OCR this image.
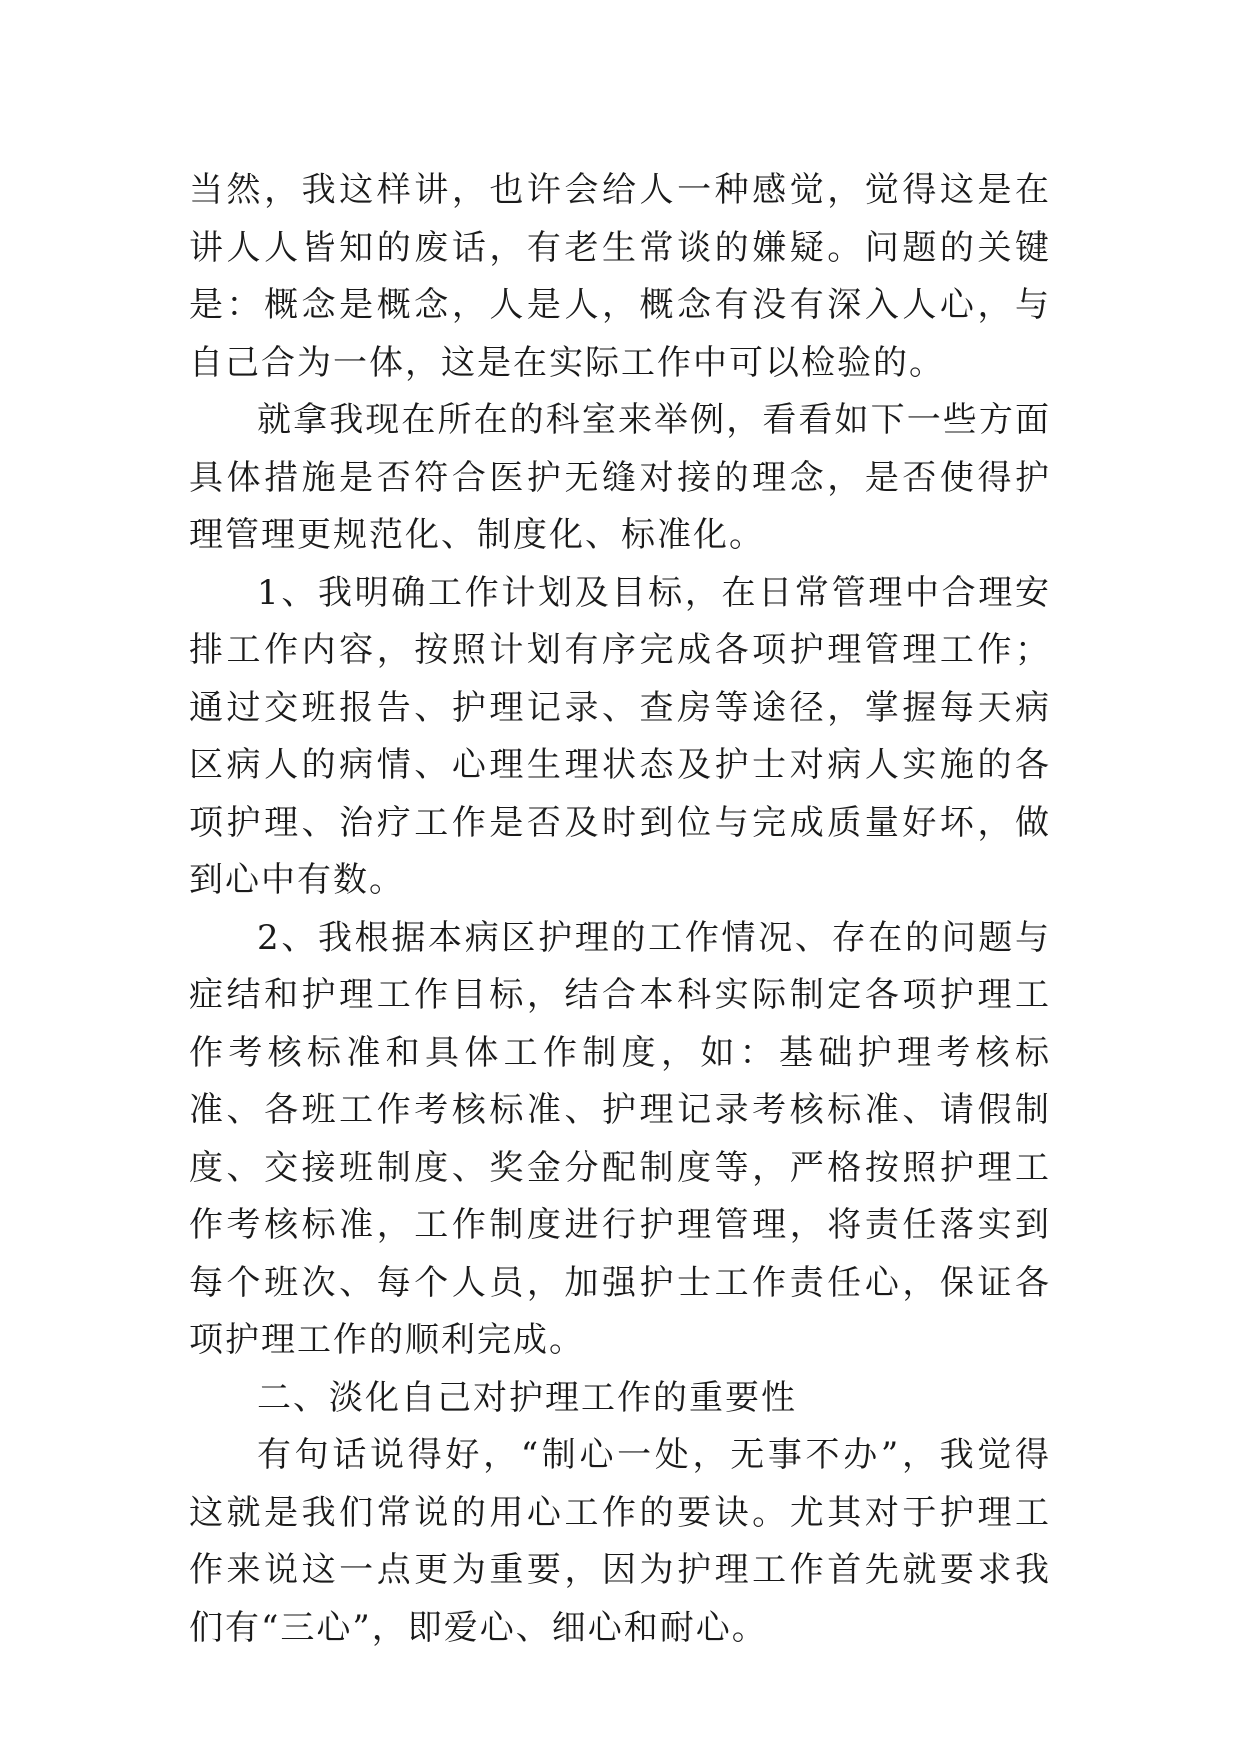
当然，我这样讲，也许会给人一种感觉，觉得这是在讲人人皆知的废话，有老生常谈的嫌疑。问题的关键是：概念是概念，人是人，概念有没有深入人心，与自己合为一体，这是在实际工作中可以检验的。

就拿我现在所在的科室来举例，看看如下一些方面具体措施是否符合医护无缝对接的理念，是否使得护理管理更规范化、制度化、标准化。

1、我明确工作计划及目标，在日常管理中合理安排工作内容，按照计划有序完成各项护理管理工作；通过交班报告、护理记录、查房等途径，掌握每天病区病人的病情、心理生理状态及护士对病人实施的各项护理、治疗工作是否及时到位与完成质量好坏，做到心中有数。

2、我根据本病区护理的工作情况、存在的问题与症结和护理工作目标，结合本科实际制定各项护理工作考核标准和具体工作制度，如：基础护理考核标准、各班工作考核标准、护理记录考核标准、请假制度、交接班制度、奖金分配制度等，严格按照护理工作考核标准，工作制度进行护理管理，将责任落实到每个班次、每个人员，加强护士工作责任心，保证各项护理工作的顺利完成。

二、淡化自己对护理工作的重要性

有句话说得好，“制心一处，无事不办”，我觉得这就是我们常说的用心工作的要诀。尤其对于护理工作来说这一点更为重要，因为护理工作首先就要求我们有“三心”，即爱心、细心和耐心。
